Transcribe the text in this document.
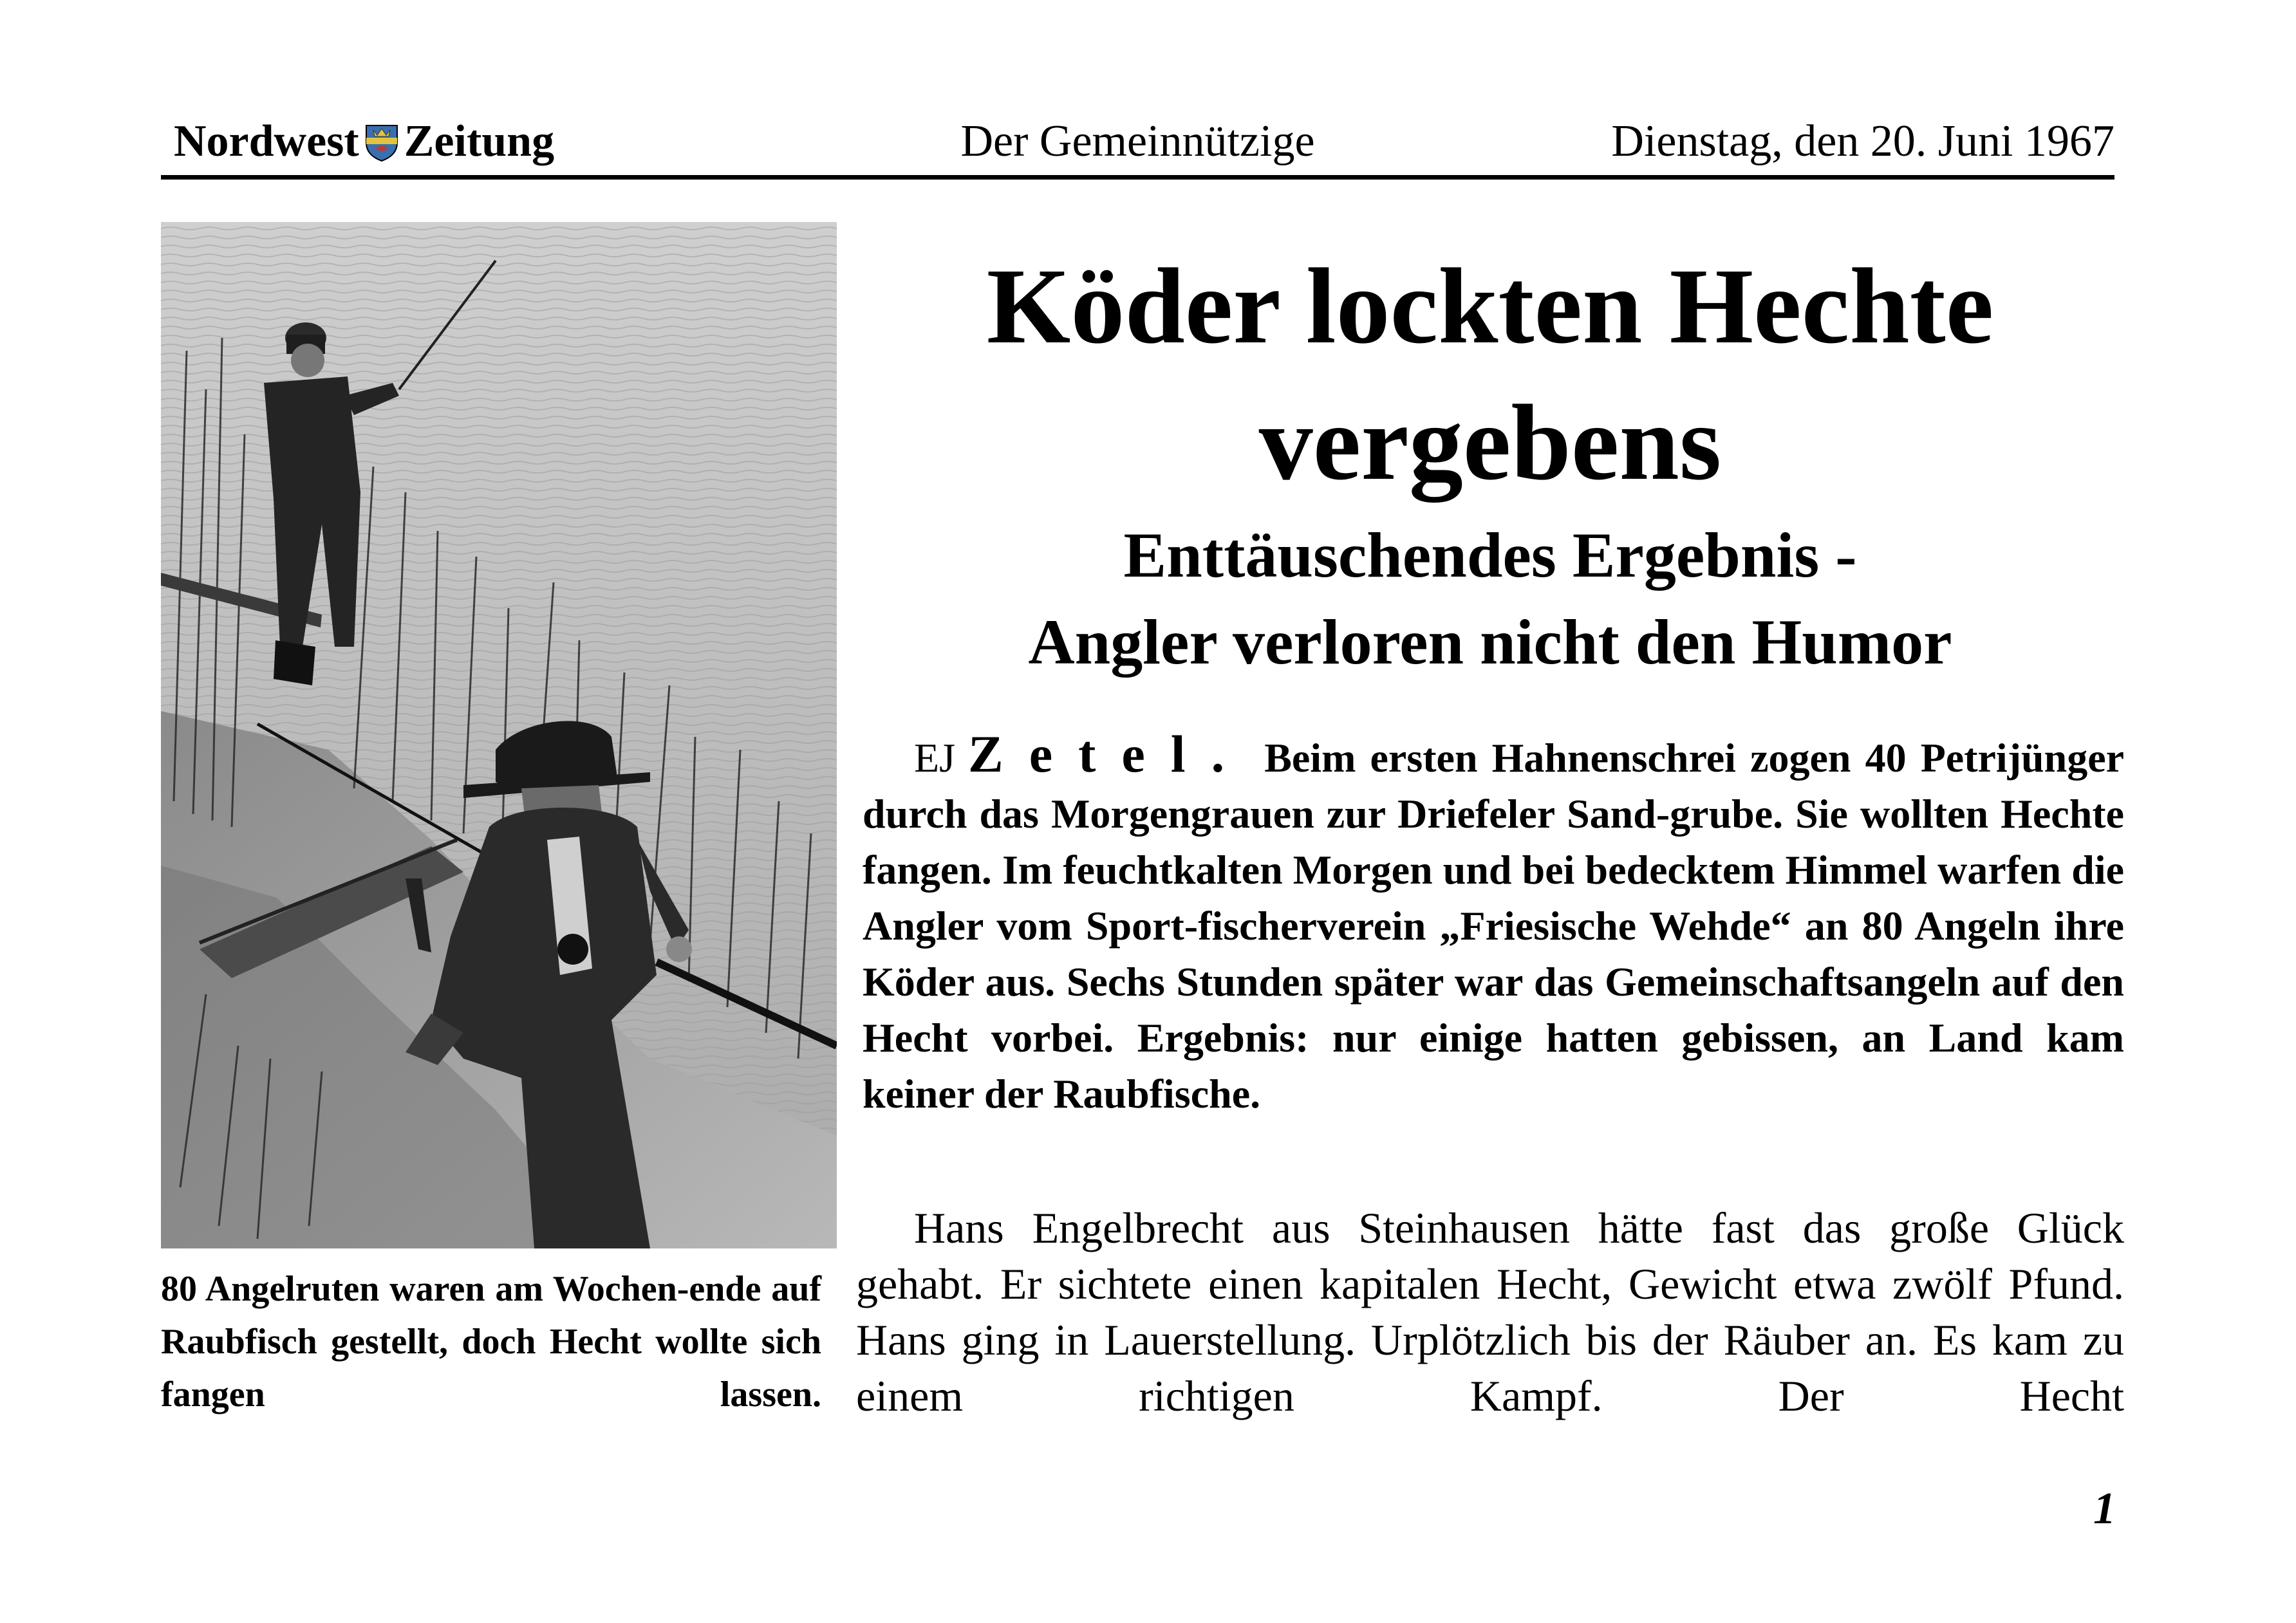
Nordwest Zeitung	Der Gemeinnützige	Dienstag, den 20. Juni 1967
80 Angelruten waren am Wochen-ende auf Raubfisch gestellt, doch Hecht wollte sich fangen lassen.
Köder lockten Hechte vergebens
Enttäuschendes Ergebnis -
Angler verloren nicht den Humor
EJ Zetel. Beim ersten Hahnenschrei zogen 40 Petrijünger durch das Morgengrauen zur Driefeler Sand-grube. Sie wollten Hechte fangen. Im feuchtkalten Morgen und bei bedecktem Himmel warfen die Angler vom Sport-fischerverein „Friesische Wehde“ an 80 Angeln ihre Köder aus. Sechs Stunden später war das Gemeinschaftsangeln auf den Hecht vorbei. Ergebnis: nur einige hatten gebissen, an Land kam keiner der Raubfische.
Hans Engelbrecht aus Steinhausen hätte fast das große Glück gehabt. Er sichtete einen kapitalen Hecht, Gewicht etwa zwölf Pfund. Hans ging in Lauerstellung. Urplötzlich bis der Räuber an. Es kam zu einem richtigen Kampf. Der Hecht
1
